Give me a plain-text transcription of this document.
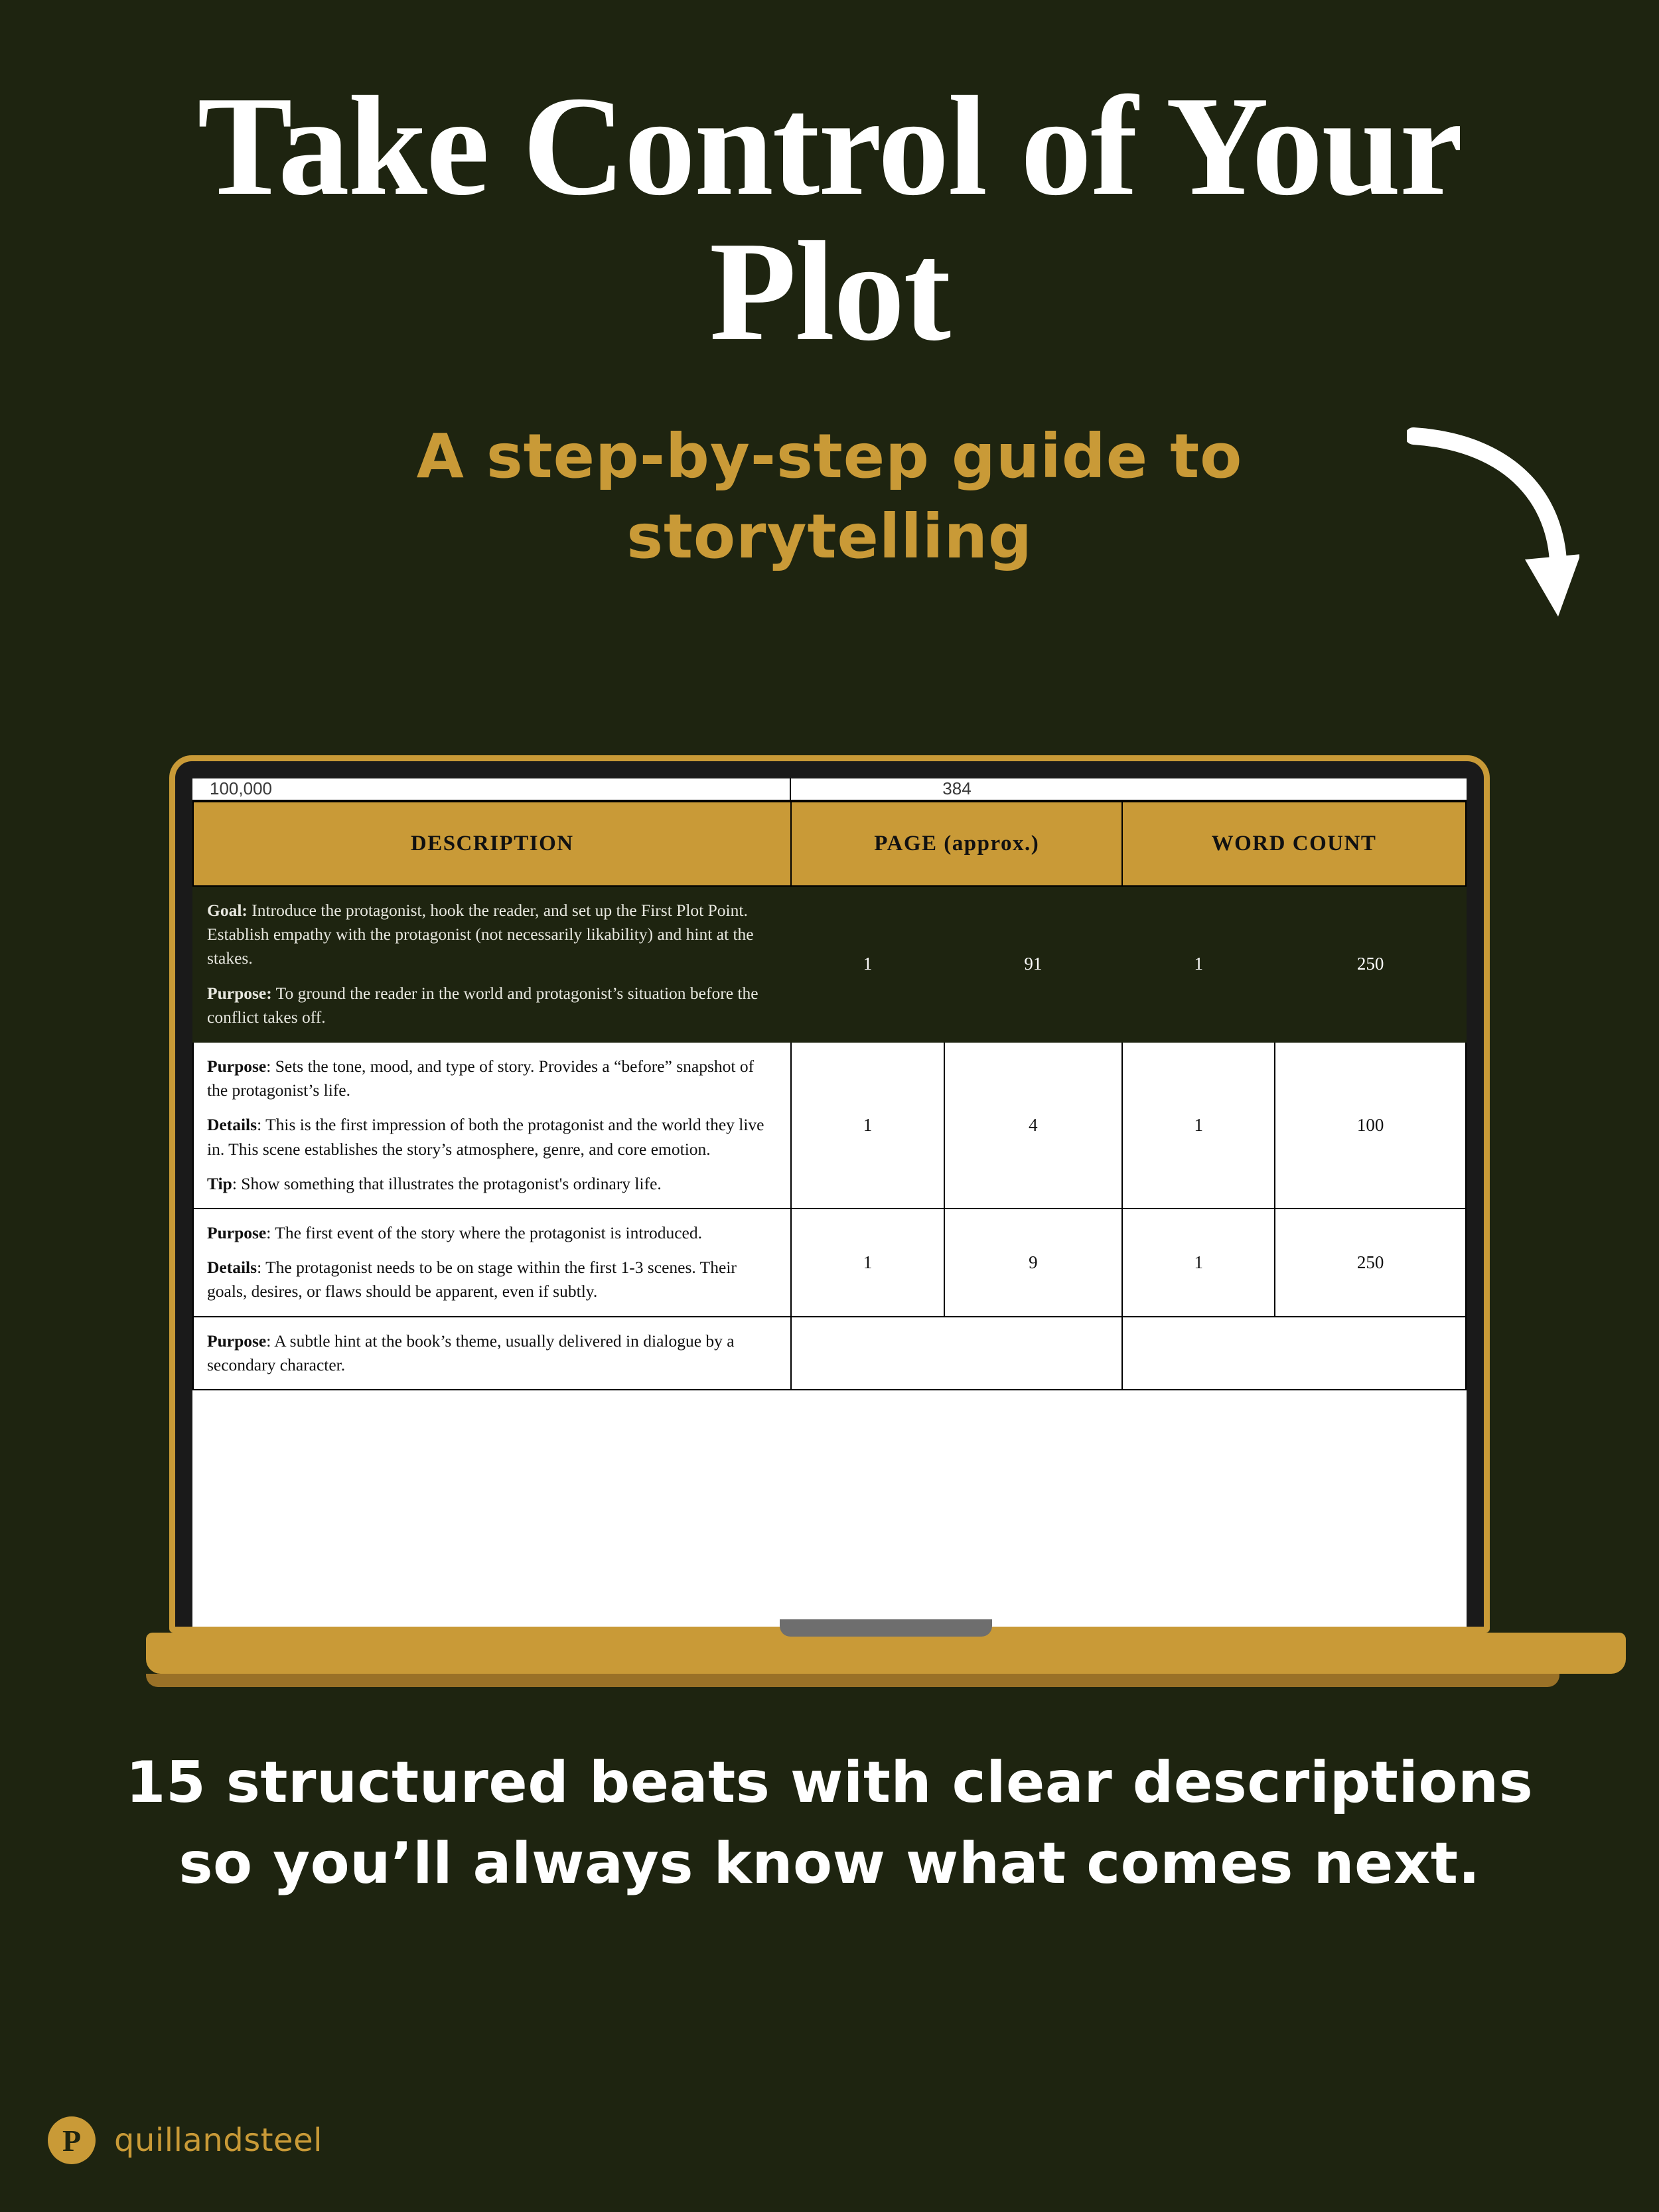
Take Control of Your Plot
A step-by-step guide to storytelling
100,000	384
DESCRIPTION	PAGE (approx.)		WORD COUNT	

Goal: Introduce the protagonist, hook the reader, and set up the First Plot Point. Establish empathy with the protagonist (not necessarily likability) and hint at the stakes.

Purpose: To ground the reader in the world and protagonist’s situation before the conflict takes off.	1	91	1	250

Purpose: Sets the tone, mood, and type of story. Provides a “before” snapshot of the protagonist’s life.

Details: This is the first impression of both the protagonist and the world they live in. This scene establishes the story’s atmosphere, genre, and core emotion.

Tip: Show something that illustrates the protagonist's ordinary life.	1	4	1	100

Purpose: The first event of the story where the protagonist is introduced.

Details: The protagonist needs to be on stage within the first 1-3 scenes. Their goals, desires, or flaws should be apparent, even if subtly.	1	9	1	250

Purpose: A subtle hint at the book’s theme, usually delivered in dialogue by a secondary character.				

15 structured beats with clear descriptions so you’ll always know what comes next.
P	quillandsteel
